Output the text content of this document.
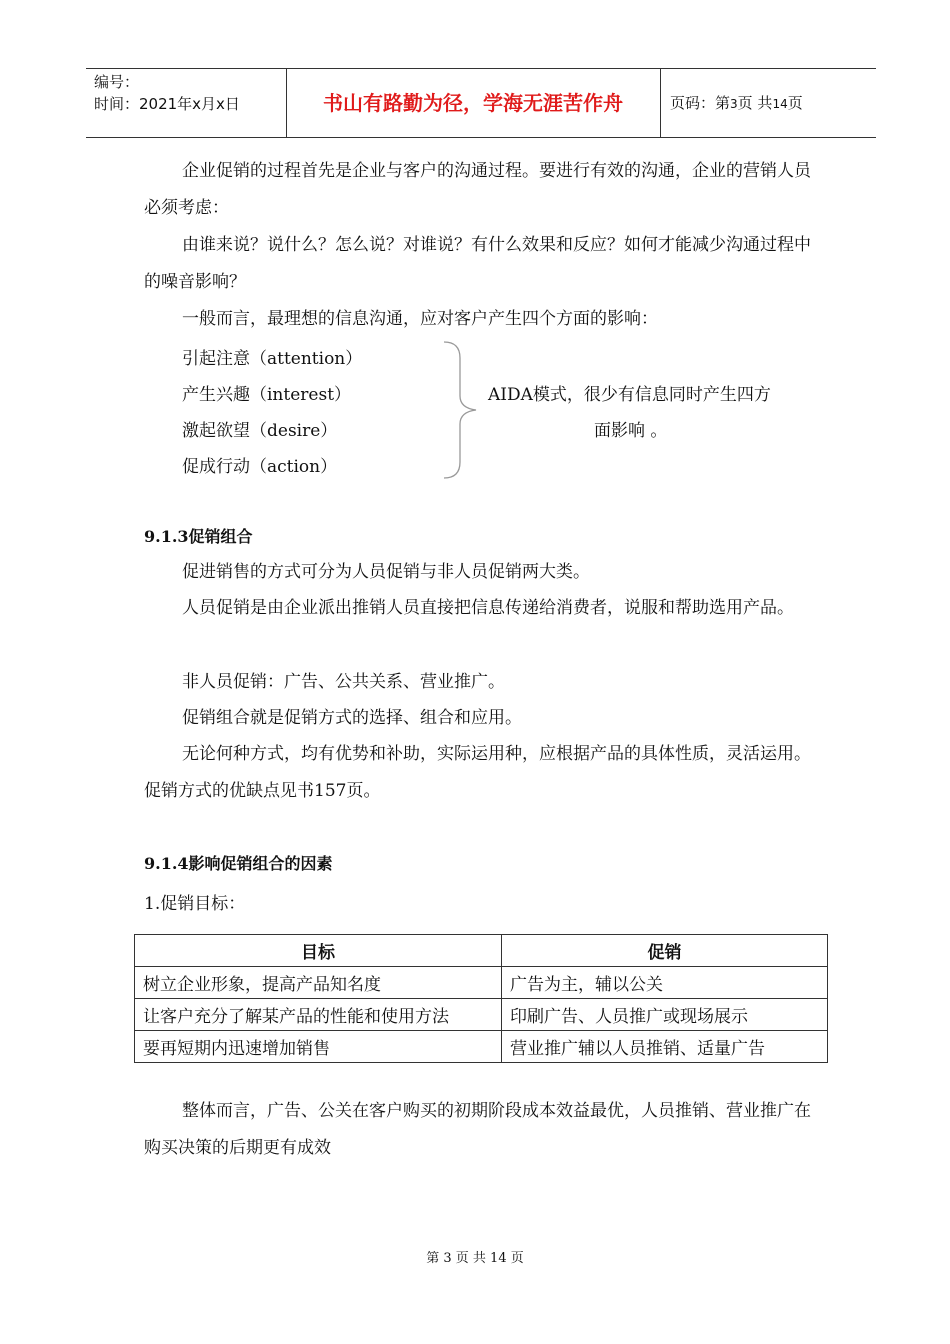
编号：
时间：2021年x月x日	书山有路勤为径，学海无涯苦作舟	页码：第3页 共14页
企业促销的过程首先是企业与客户的沟通过程。要进行有效的沟通，企业的营销人员必须考虑：
由谁来说？说什么？怎么说？对谁说？有什么效果和反应？如何才能减少沟通过程中的噪音影响？
一般而言，最理想的信息沟通，应对客户产生四个方面的影响：
引起注意（attention）
产生兴趣（interest）
激起欲望（desire）
促成行动（action）
AIDA模式，很少有信息同时产生四方
面影响 。
9.1.3促销组合
促进销售的方式可分为人员促销与非人员促销两大类。
人员促销是由企业派出推销人员直接把信息传递给消费者，说服和帮助选用产品。
非人员促销：广告、公共关系、营业推广。
促销组合就是促销方式的选择、组合和应用。
无论何种方式，均有优势和补助，实际运用种，应根据产品的具体性质，灵活运用。促销方式的优缺点见书157页。
9.1.4影响促销组合的因素
1.促销目标：
目标	促销
树立企业形象，提高产品知名度	广告为主，辅以公关
让客户充分了解某产品的性能和使用方法	印刷广告、人员推广或现场展示
要再短期内迅速增加销售	营业推广辅以人员推销、适量广告
整体而言，广告、公关在客户购买的初期阶段成本效益最优，人员推销、营业推广在购买决策的后期更有成效
第 3 页 共 14 页
